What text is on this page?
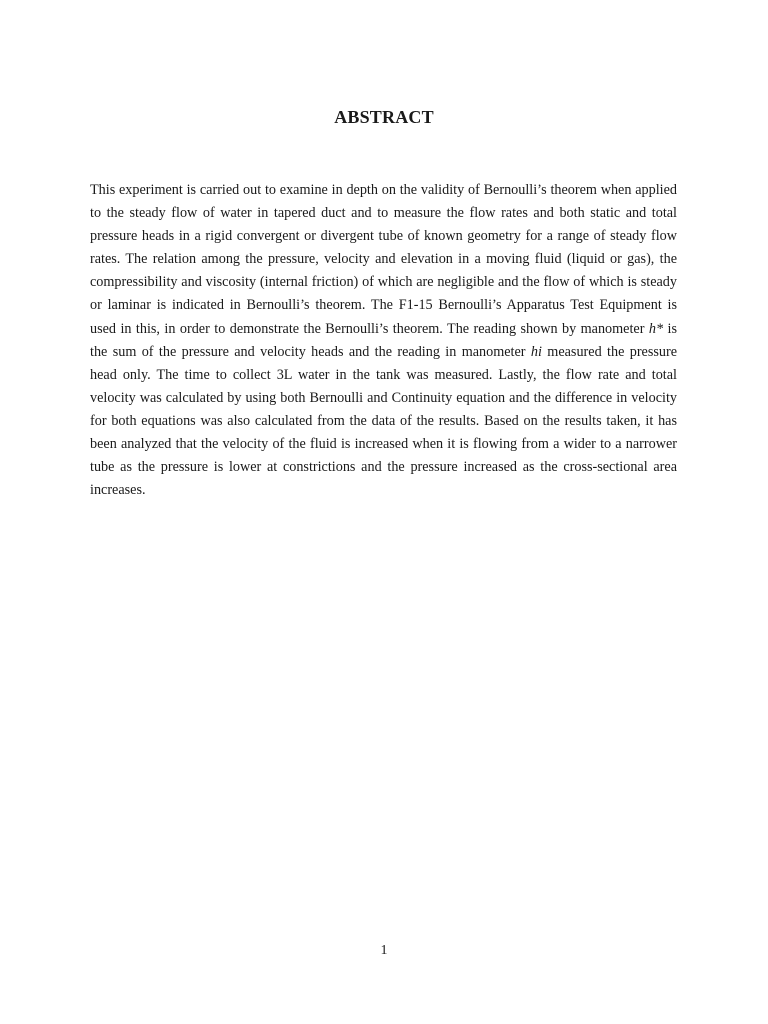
ABSTRACT

This experiment is carried out to examine in depth on the validity of Bernoulli’s theorem when applied to the steady flow of water in tapered duct and to measure the flow rates and both static and total pressure heads in a rigid convergent or divergent tube of known geometry for a range of steady flow rates. The relation among the pressure, velocity and elevation in a moving fluid (liquid or gas), the compressibility and viscosity (internal friction) of which are negligible and the flow of which is steady or laminar is indicated in Bernoulli’s theorem. The F1-15 Bernoulli’s Apparatus Test Equipment is used in this, in order to demonstrate the Bernoulli’s theorem. The reading shown by manometer h* is the sum of the pressure and velocity heads and the reading in manometer hi measured the pressure head only. The time to collect 3L water in the tank was measured. Lastly, the flow rate and total velocity was calculated by using both Bernoulli and Continuity equation and the difference in velocity for both equations was also calculated from the data of the results. Based on the results taken, it has been analyzed that the velocity of the fluid is increased when it is flowing from a wider to a narrower tube as the pressure is lower at constrictions and the pressure increased as the cross-sectional area increases.

1
